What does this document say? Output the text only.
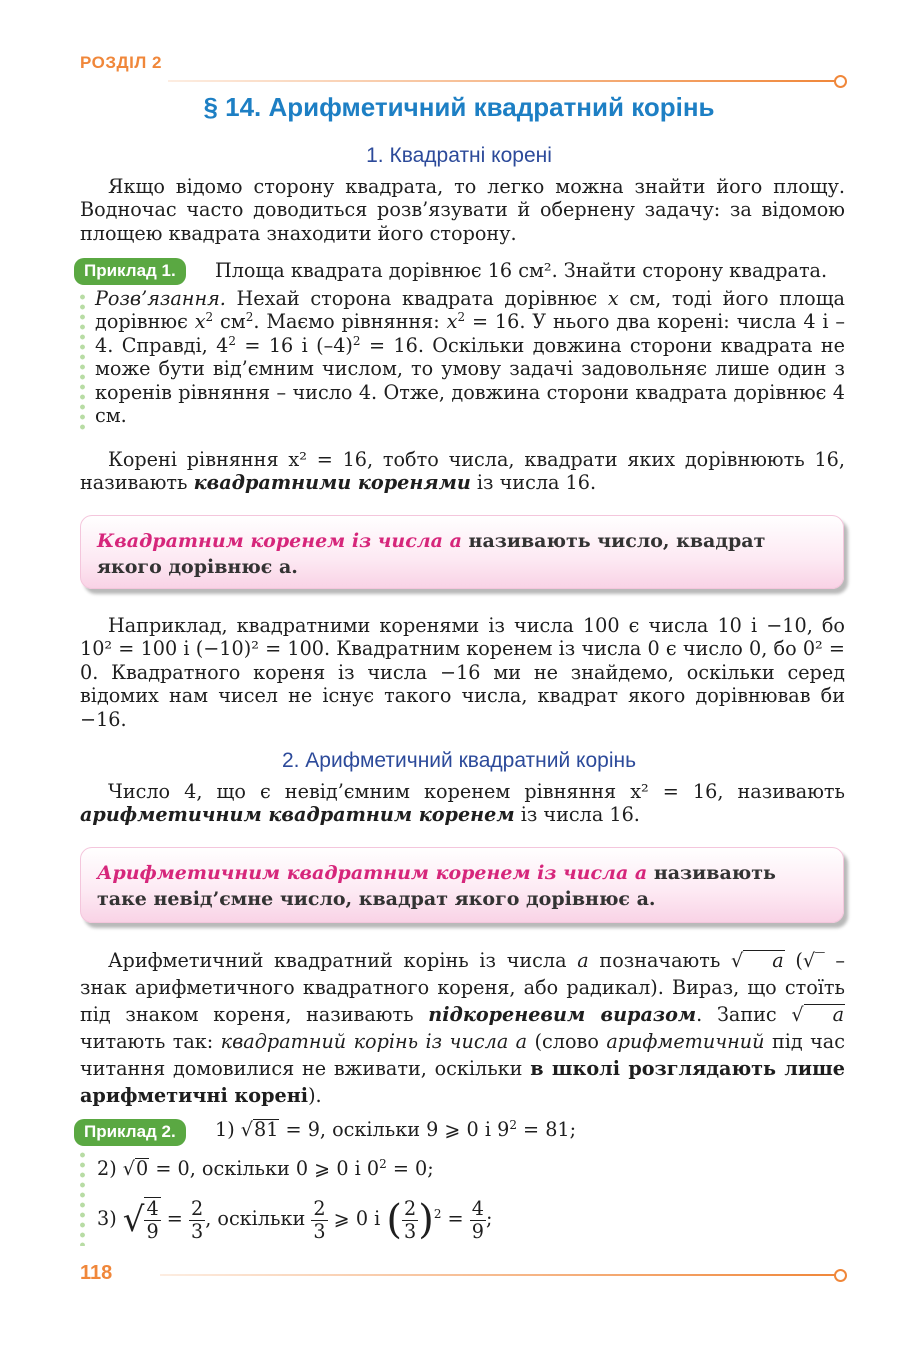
РОЗДІЛ 2
§ 14. Арифметичний квадратний корінь
1. Квадратні корені

Якщо відомо сторону квадрата, то легко можна знайти його площу. Водночас часто доводиться розв’язувати й обернену задачу: за відомою площею квадрата знаходити його сторону.

Приклад 1.	Площа квадрата дорівнює 16 см². Знайти сторону квадрата.

Розв’язання. Нехай сторона квадрата дорівнює x см, тоді його площа дорівнює $x^2$ $см^2$. Маємо рівняння: $x^2 = 16$. У нього два корені: числа 4 і –4. Справді, $4^2 = 16$ і $(-4)^2 = 16$. Оскільки довжина сторони квадрата не може бути від’ємним числом, то умову задачі задовольняє лише один з коренів рівняння – число 4. Отже, довжина сторони квадрата дорівнює 4 см.

Корені рівняння x² = 16, тобто числа, квадрати яких дорівнюють 16, називають квадратними коренями із числа 16.

Квадратним коренем із числа a називають число, квадрат якого дорівнює a.

Наприклад, квадратними коренями із числа 100 є числа 10 і −10, бо 10² = 100 і (−10)² = 100. Квадратним коренем із числа 0 є число 0, бо 0² = 0. Квадратного кореня із числа −16 ми не знайдемо, оскільки серед відомих нам чисел не існує такого числа, квадрат якого дорівнював би −16.

2. Арифметичний квадратний корінь

Число 4, що є невід’ємним коренем рівняння x² = 16, називають арифметичним квадратним коренем із числа 16.

Арифметичним квадратним коренем із числа a називають таке невід’ємне число, квадрат якого дорівнює a.

Арифметичний квадратний корінь із числа a позначають √ a (√‾ – знак арифметичного квадратного кореня, або радикал). Вираз, що стоїть під знаком кореня, називають підкореневим виразом. Запис √ a читають так: квадратний корінь із числа a (слово арифметичний під час читання домовилися не вживати, оскільки в школі розглядають лише арифметичні корені).

Приклад 2.	1) √81 = 9, оскільки 9 ⩾ 0 і $9^2 = 81$;
2) √0 = 0, оскільки 0 ⩾ 0 і $0^2 = 0$;
3) √ $\frac{4}{9} = \frac{2}{3}$ , оскільки $\frac{2}{3}$ ⩾ 0 і ( $\frac{2}{3} )^2 = \frac{4}{9}$ ;
118
